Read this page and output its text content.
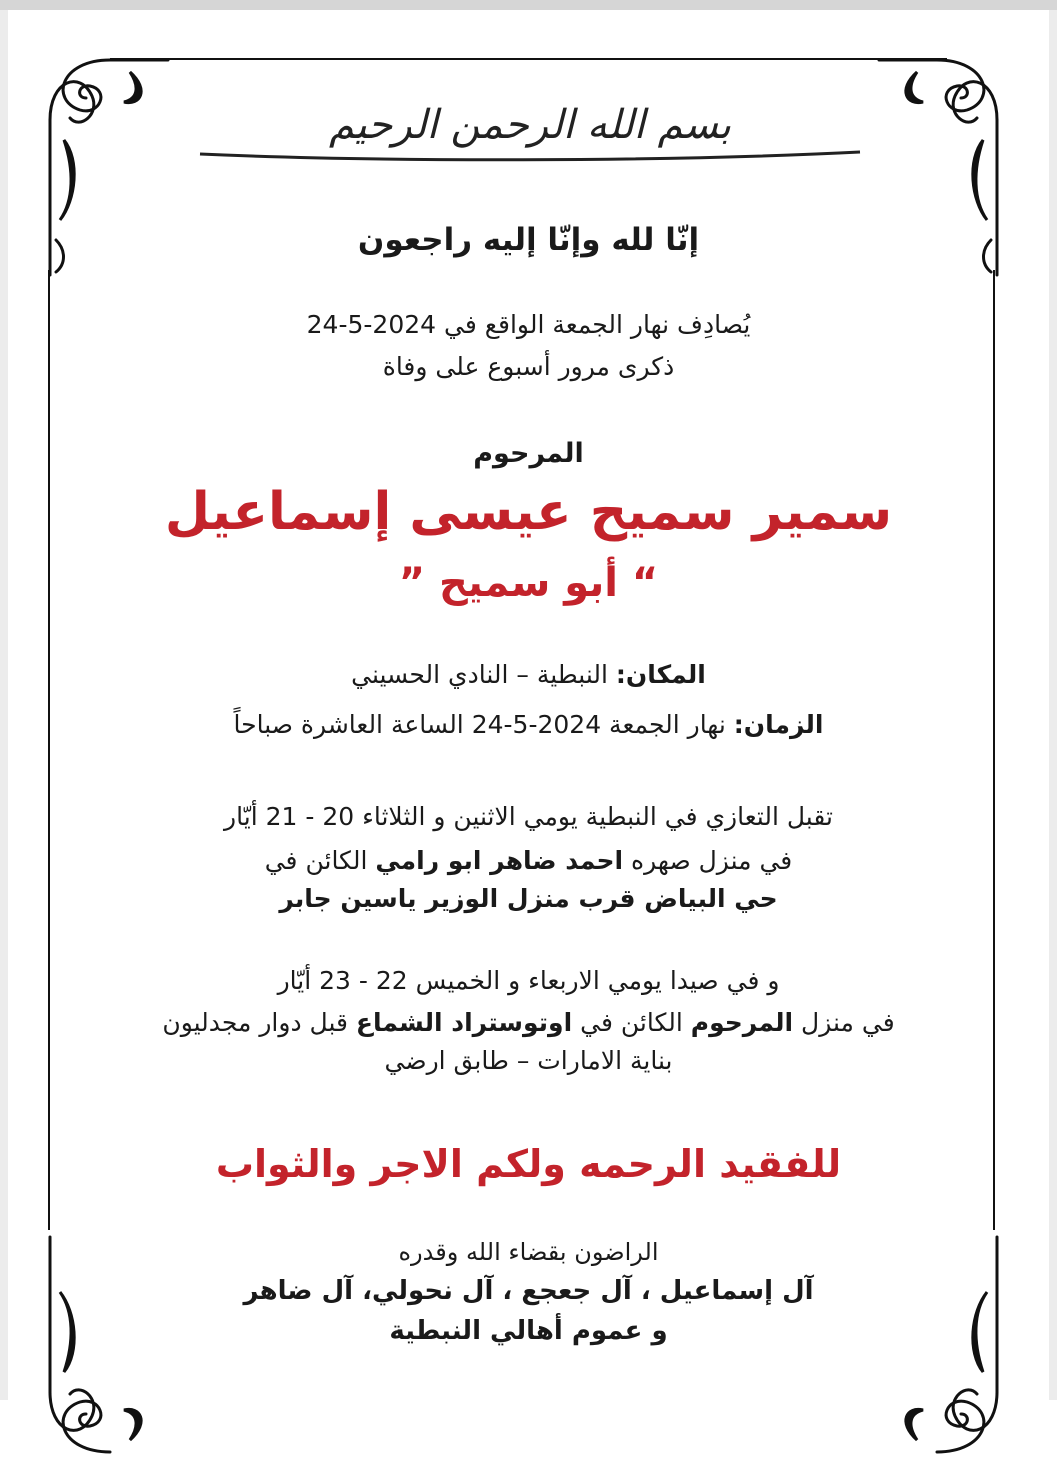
بسم الله الرحمن الرحيم
إنّا لله وإنّا إليه راجعون
يُصادِف نهار الجمعة الواقع في 2024-5-24
ذكرى مرور أسبوع على وفاة
المرحوم
سمير سميح عيسى إسماعيل
“ أبو سميح ”
المكان: النبطية – النادي الحسيني
الزمان: نهار الجمعة 2024-5-24 الساعة العاشرة صباحاً
تقبل التعازي في النبطية يومي الاثنين و الثلاثاء 20 - 21 أيّار
في منزل صهره احمد ضاهر ابو رامي الكائن في
حي البياض قرب منزل الوزير ياسين جابر
و في صيدا يومي الاربعاء و الخميس 22 - 23 أيّار
في منزل المرحوم الكائن في اوتوستراد الشماع قبل دوار مجدليون
بناية الامارات – طابق ارضي
للفقيد الرحمه ولكم الاجر والثواب
الراضون بقضاء الله وقدره
آل إسماعيل ، آل جعجع ، آل نحولي، آل ضاهر
و عموم أهالي النبطية
